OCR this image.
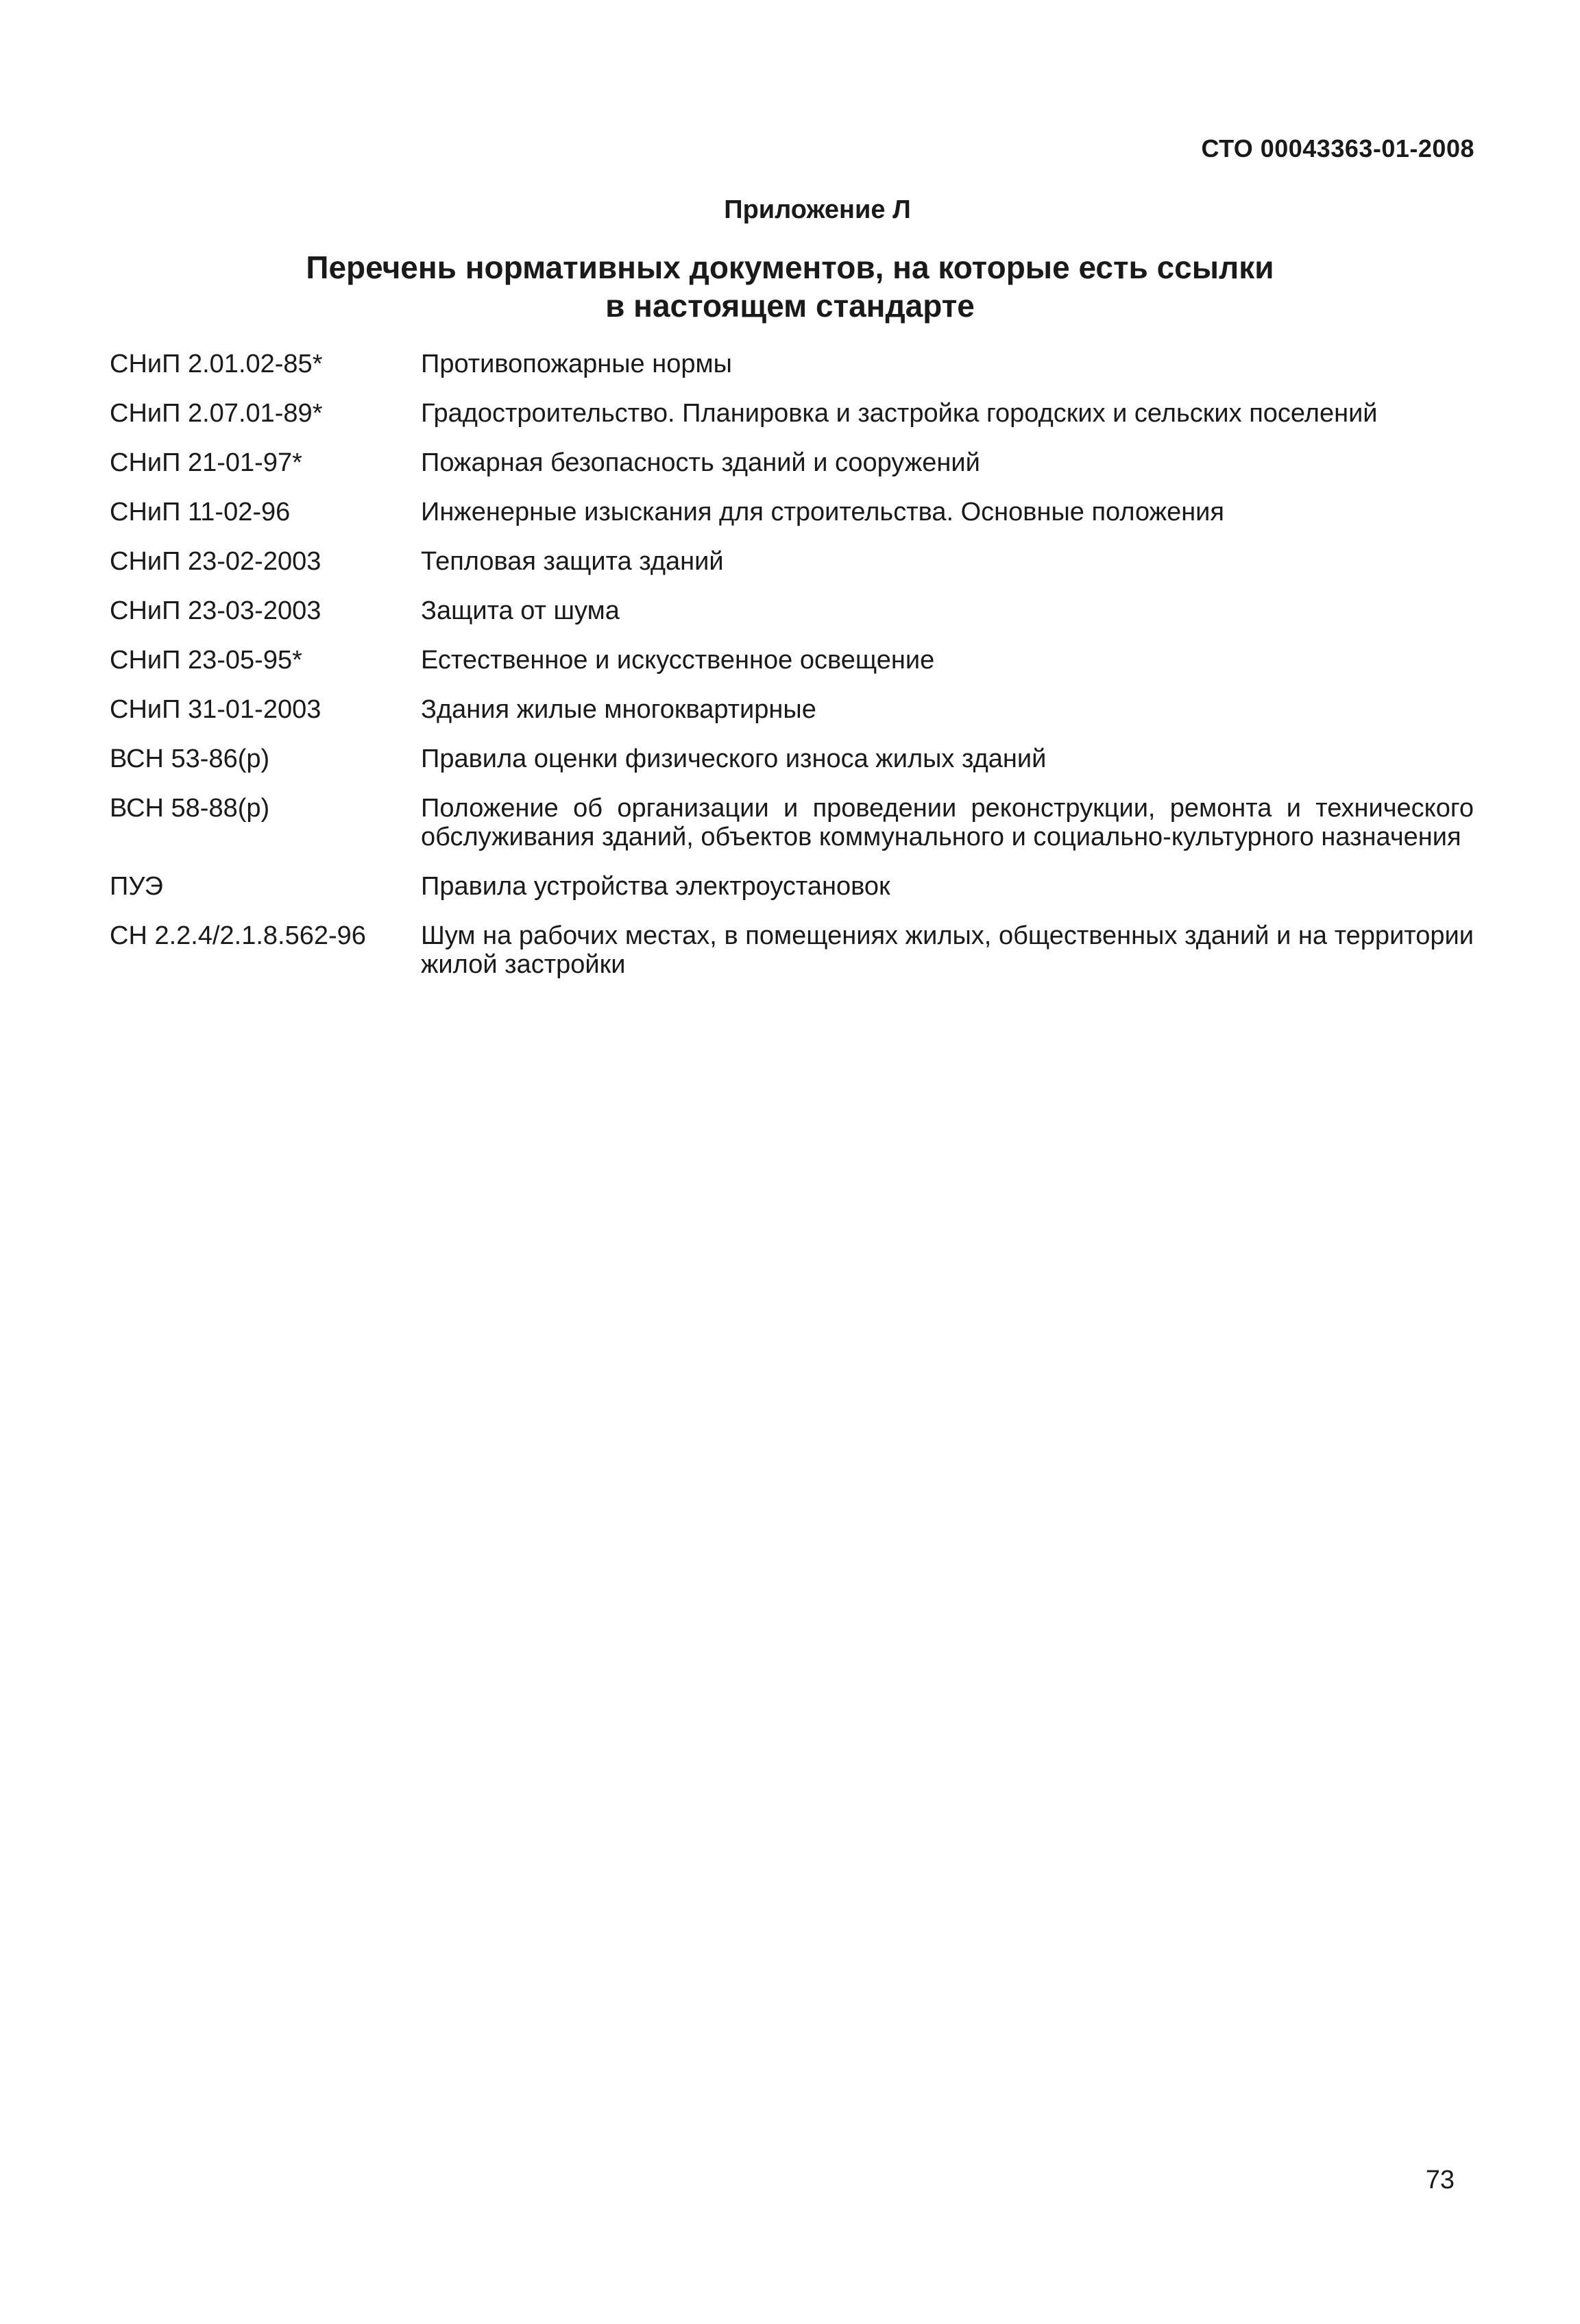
СТО 00043363-01-2008
Приложение Л
Перечень нормативных документов, на которые есть ссылки
в настоящем стандарте
СНиП 2.01.02-85*	Противопожарные нормы
СНиП 2.07.01-89*	Градостроительство. Планировка и застройка городских и сельских поселений
СНиП 21-01-97*	Пожарная безопасность зданий и сооружений
СНиП 11-02-96	Инженерные изыскания для строительства. Основные положения
СНиП 23-02-2003	Тепловая защита зданий
СНиП 23-03-2003	Защита от шума
СНиП 23-05-95*	Естественное и искусственное освещение
СНиП 31-01-2003	Здания жилые многоквартирные
ВСН 53-86(р)	Правила оценки физического износа жилых зданий
ВСН 58-88(р)	Положение об организации и проведении реконструкции, ремонта и технического обслуживания зданий, объектов коммунального и социально-культурного назначения
ПУЭ	Правила устройства электроустановок
СН 2.2.4/2.1.8.562-96	Шум на рабочих местах, в помещениях жилых, общественных зданий и на территории жилой застройки
73
